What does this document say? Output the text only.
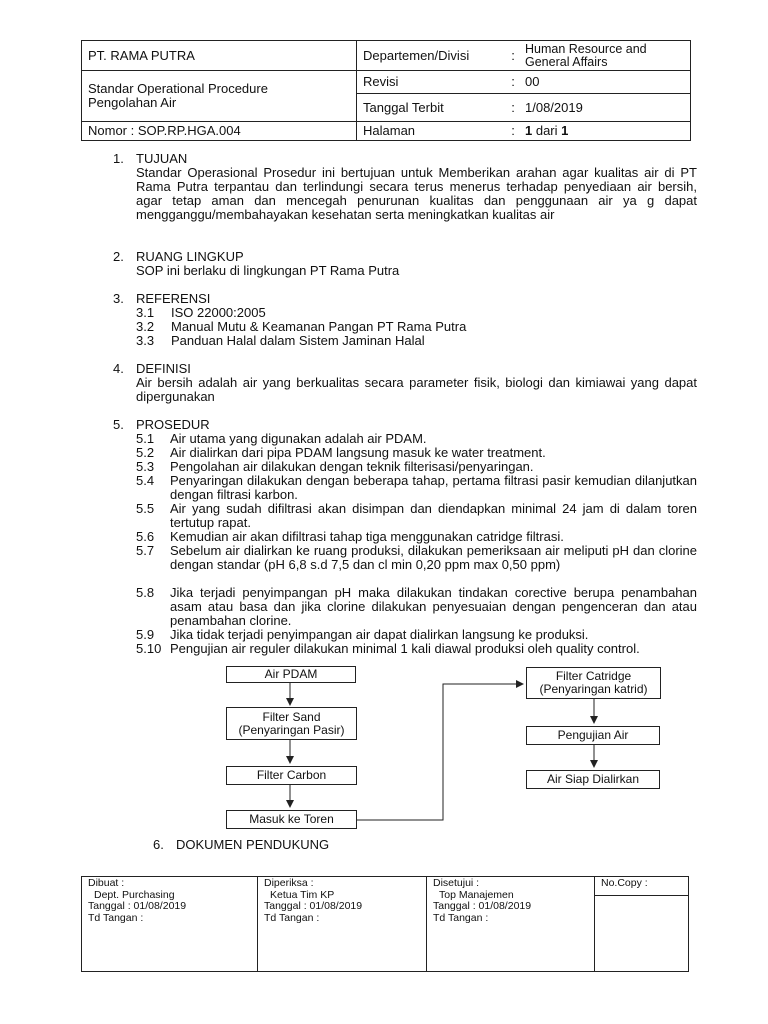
PT. RAMA PUTRA	Departemen/Divisi	:	Human Resource and General Affairs

Standar Operational Procedure
Pengolahan Air	Revisi	:	00
	Tanggal Terbit	:	1/08/2019
Nomor : SOP.RP.HGA.004	Halaman	:	1 dari 1
1. TUJUAN
Standar Operasional Prosedur ini bertujuan untuk Memberikan arahan agar kualitas air di PT Rama Putra terpantau dan terlindungi secara terus menerus terhadap penyediaan air bersih, agar tetap aman dan mencegah penurunan kualitas dan penggunaan air ya g dapat mengganggu/membahayakan kesehatan serta meningkatkan kualitas air
2. RUANG LINGKUP
SOP ini berlaku di lingkungan PT Rama Putra
3. REFERENSI
3.1 ISO 22000:2005
3.2 Manual Mutu & Keamanan Pangan PT Rama Putra
3.3 Panduan Halal dalam Sistem Jaminan Halal
4. DEFINISI
Air bersih adalah air yang berkualitas secara parameter fisik, biologi dan kimiawai yang dapat dipergunakan
5. PROSEDUR
5.1 Air utama yang digunakan adalah air PDAM.
5.2 Air dialirkan dari pipa PDAM langsung masuk ke water treatment.
5.3 Pengolahan air dilakukan dengan teknik filterisasi/penyaringan.
5.4 Penyaringan dilakukan dengan beberapa tahap, pertama filtrasi pasir kemudian dilanjutkan dengan filtrasi karbon.
5.5 Air yang sudah difiltrasi akan disimpan dan diendapkan minimal 24 jam di dalam toren tertutup rapat.
5.6 Kemudian air akan difiltrasi tahap tiga menggunakan catridge filtrasi.
5.7 Sebelum air dialirkan ke ruang produksi, dilakukan pemeriksaan air meliputi pH dan clorine dengan standar (pH 6,8 s.d 7,5 dan cl min 0,20 ppm max 0,50 ppm)
5.8 Jika terjadi penyimpangan pH maka dilakukan tindakan corective berupa penambahan asam atau basa dan jika clorine dilakukan penyesuaian dengan pengenceran dan atau penambahan clorine.
5.9 Jika tidak terjadi penyimpangan air dapat dialirkan langsung ke produksi.
5.10 Pengujian air reguler dilakukan minimal 1 kali diawal produksi oleh quality control.
Air PDAM
Filter Sand
(Penyaringan Pasir)
Filter Carbon
Masuk ke Toren
Filter Catridge
(Penyaringan katrid)
Pengujian Air
Air Siap Dialirkan
6. DOKUMEN PENDUKUNG
Dibuat :
Dept. Purchasing
Tanggal : 01/08/2019
Td Tangan :

Diperiksa :
Ketua Tim KP
Tanggal : 01/08/2019
Td Tangan :

Disetujui :
Top Manajemen
Tanggal : 01/08/2019
Td Tangan :

No.Copy :
